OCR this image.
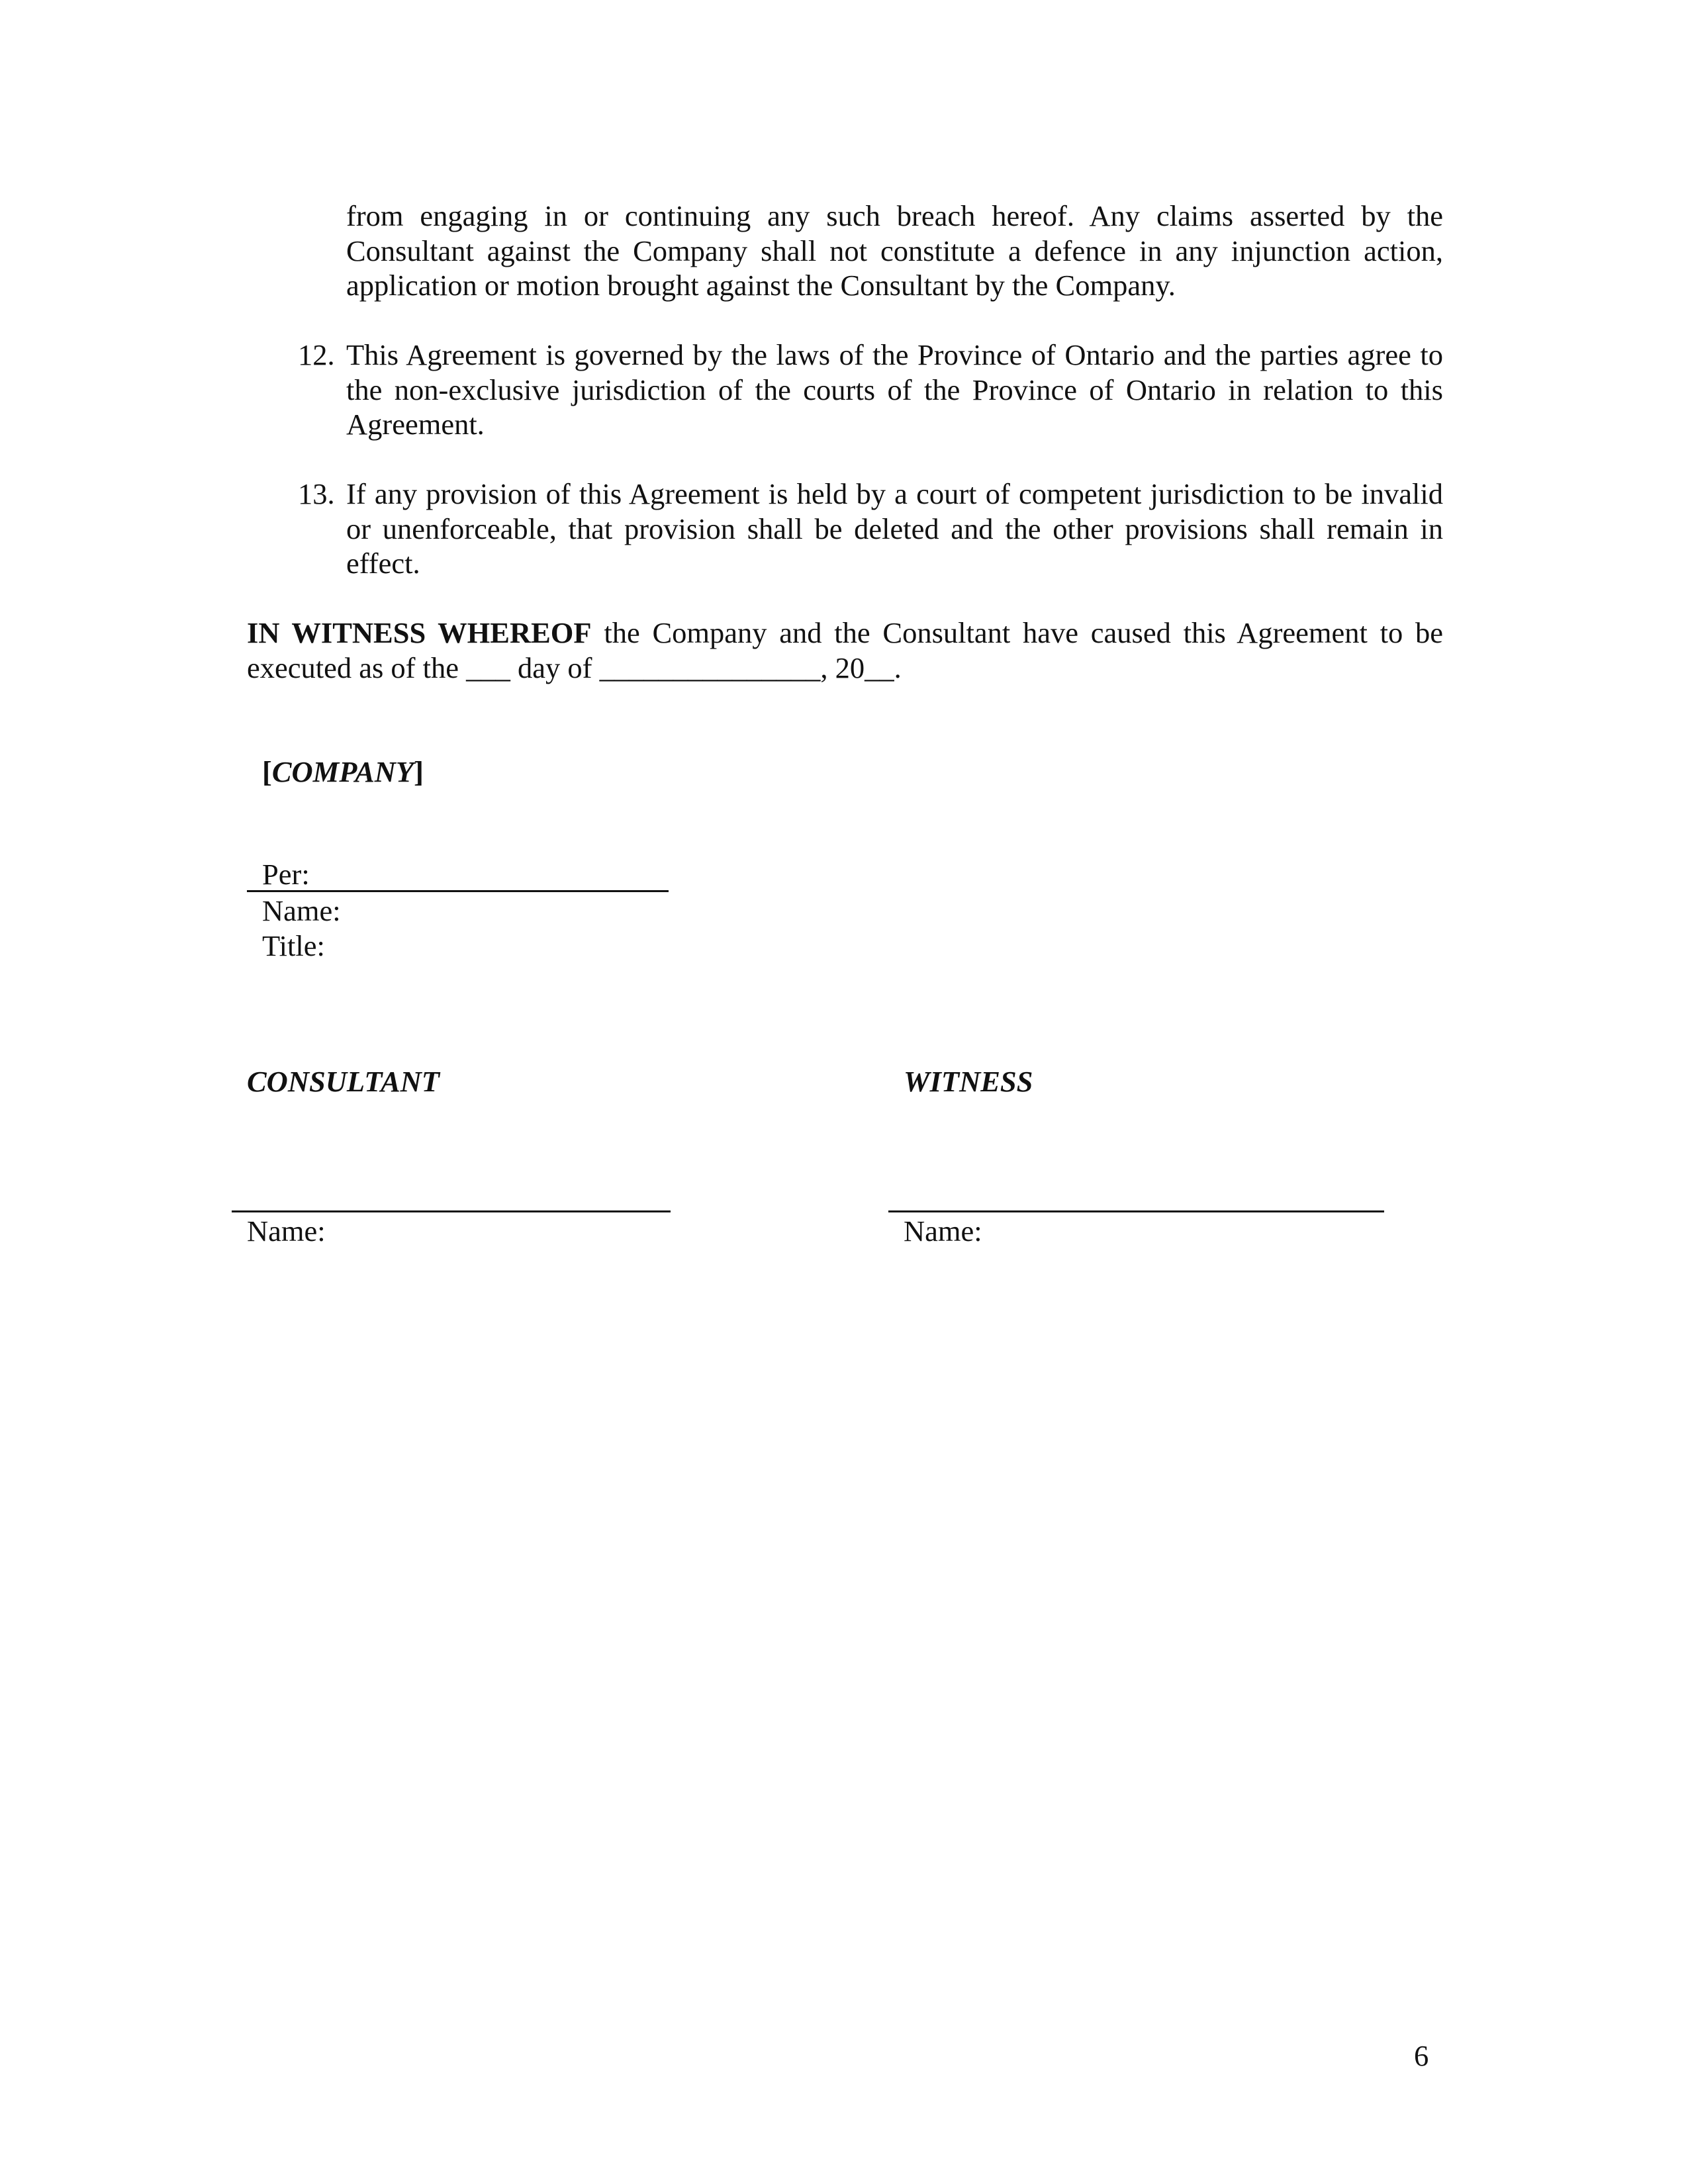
from engaging in or continuing any such breach hereof. Any claims asserted by the Consultant against the Company shall not constitute a defence in any injunction action, application or motion brought against the Consultant by the Company.
12. This Agreement is governed by the laws of the Province of Ontario and the parties agree to the non-exclusive jurisdiction of the courts of the Province of Ontario in relation to this Agreement.
13. If any provision of this Agreement is held by a court of competent jurisdiction to be invalid or unenforceable, that provision shall be deleted and the other provisions shall remain in effect.
IN WITNESS WHEREOF the Company and the Consultant have caused this Agreement to be executed as of the ___ day of _______________, 20__.
[COMPANY]
Per:
Name:
Title:
CONSULTANT
Name:
WITNESS
Name:
6
